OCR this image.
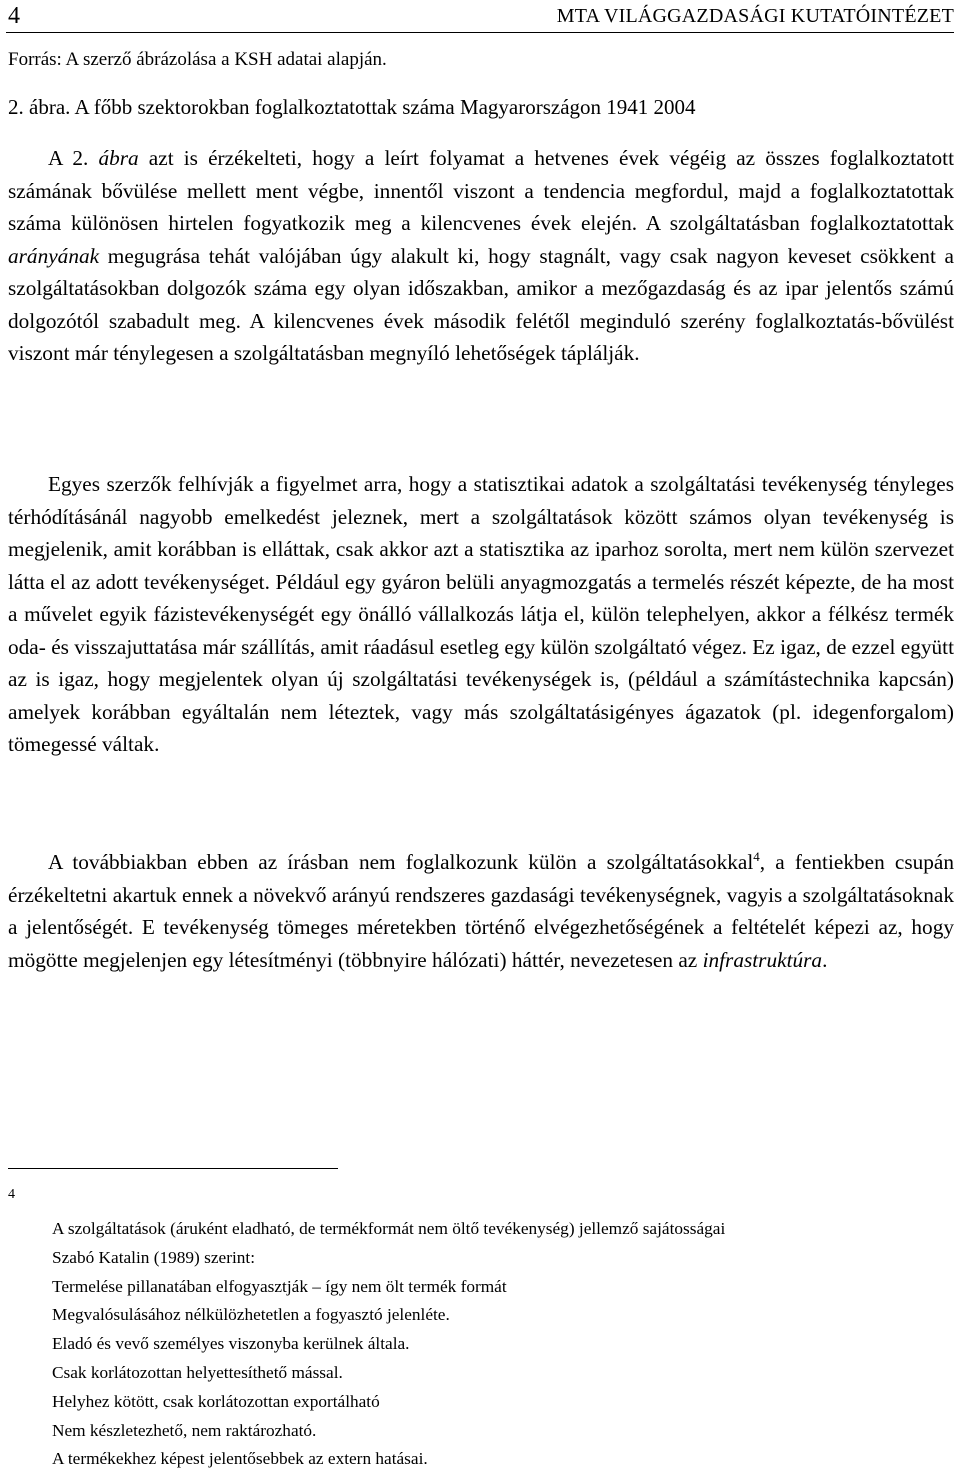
4	MTA VILÁGGAZDASÁGI KUTATÓINTÉZET
Forrás: A szerző ábrázolása a KSH adatai alapján.
2. ábra. A főbb szektorokban foglalkoztatottak száma Magyarországon 1941 2004

A 2. ábra azt is érzékelteti, hogy a leírt folyamat a hetvenes évek végéig az összes foglalkoztatott számának bővülése mellett ment végbe, innentől viszont a tendencia megfordul, majd a foglalkoztatottak száma különösen hirtelen fogyatkozik meg a kilencvenes évek elején. A szolgáltatásban foglalkoztatottak arányának megugrása tehát valójában úgy alakult ki, hogy stagnált, vagy csak nagyon keveset csökkent a szolgáltatásokban dolgozók száma egy olyan időszakban, amikor a mezőgazdaság és az ipar jelentős számú dolgozótól szabadult meg. A kilencvenes évek második felétől meginduló szerény foglalkoztatás-bővülést viszont már ténylegesen a szolgáltatásban megnyíló lehetőségek táplálják.

Egyes szerzők felhívják a figyelmet arra, hogy a statisztikai adatok a szolgáltatási tevékenység tényleges térhódításánál nagyobb emelkedést jeleznek, mert a szolgáltatások között számos olyan tevékenység is megjelenik, amit korábban is elláttak, csak akkor azt a statisztika az iparhoz sorolta, mert nem külön szervezet látta el az adott tevékenységet. Például egy gyáron belüli anyagmozgatás a termelés részét képezte, de ha most a művelet egyik fázistevékenységét egy önálló vállalkozás látja el, külön telephelyen, akkor a félkész termék oda- és visszajuttatása már szállítás, amit ráadásul esetleg egy külön szolgáltató végez. Ez igaz, de ezzel együtt az is igaz, hogy megjelentek olyan új szolgáltatási tevékenységek is, (például a számítástechnika kapcsán) amelyek korábban egyáltalán nem léteztek, vagy más szolgáltatásigényes ágazatok (pl. idegenforgalom) tömegessé váltak.

A továbbiakban ebben az írásban nem foglalkozunk külön a szolgáltatásokkal$^4$, a fentiekben csupán érzékeltetni akartuk ennek a növekvő arányú rendszeres gazdasági tevékenységnek, vagyis a szolgáltatásoknak a jelentőségét. E tevékenység tömeges méretekben történő elvégezhetőségének a feltételét képezi az, hogy mögötte megjelenjen egy létesítményi (többnyire hálózati) háttér, nevezetesen az infrastruktúra.

4
A szolgáltatások (áruként eladható, de termékformát nem öltő tevékenység) jellemző sajátosságai
Szabó Katalin (1989) szerint:
Termelése pillanatában elfogyasztják – így nem ölt termék formát
Megvalósulásához nélkülözhetetlen a fogyasztó jelenléte.
Eladó és vevő személyes viszonyba kerülnek általa.
Csak korlátozottan helyettesíthető mással.
Helyhez kötött, csak korlátozottan exportálható
Nem készletezhető, nem raktározható.
A termékekhez képest jelentősebbek az extern hatásai.
